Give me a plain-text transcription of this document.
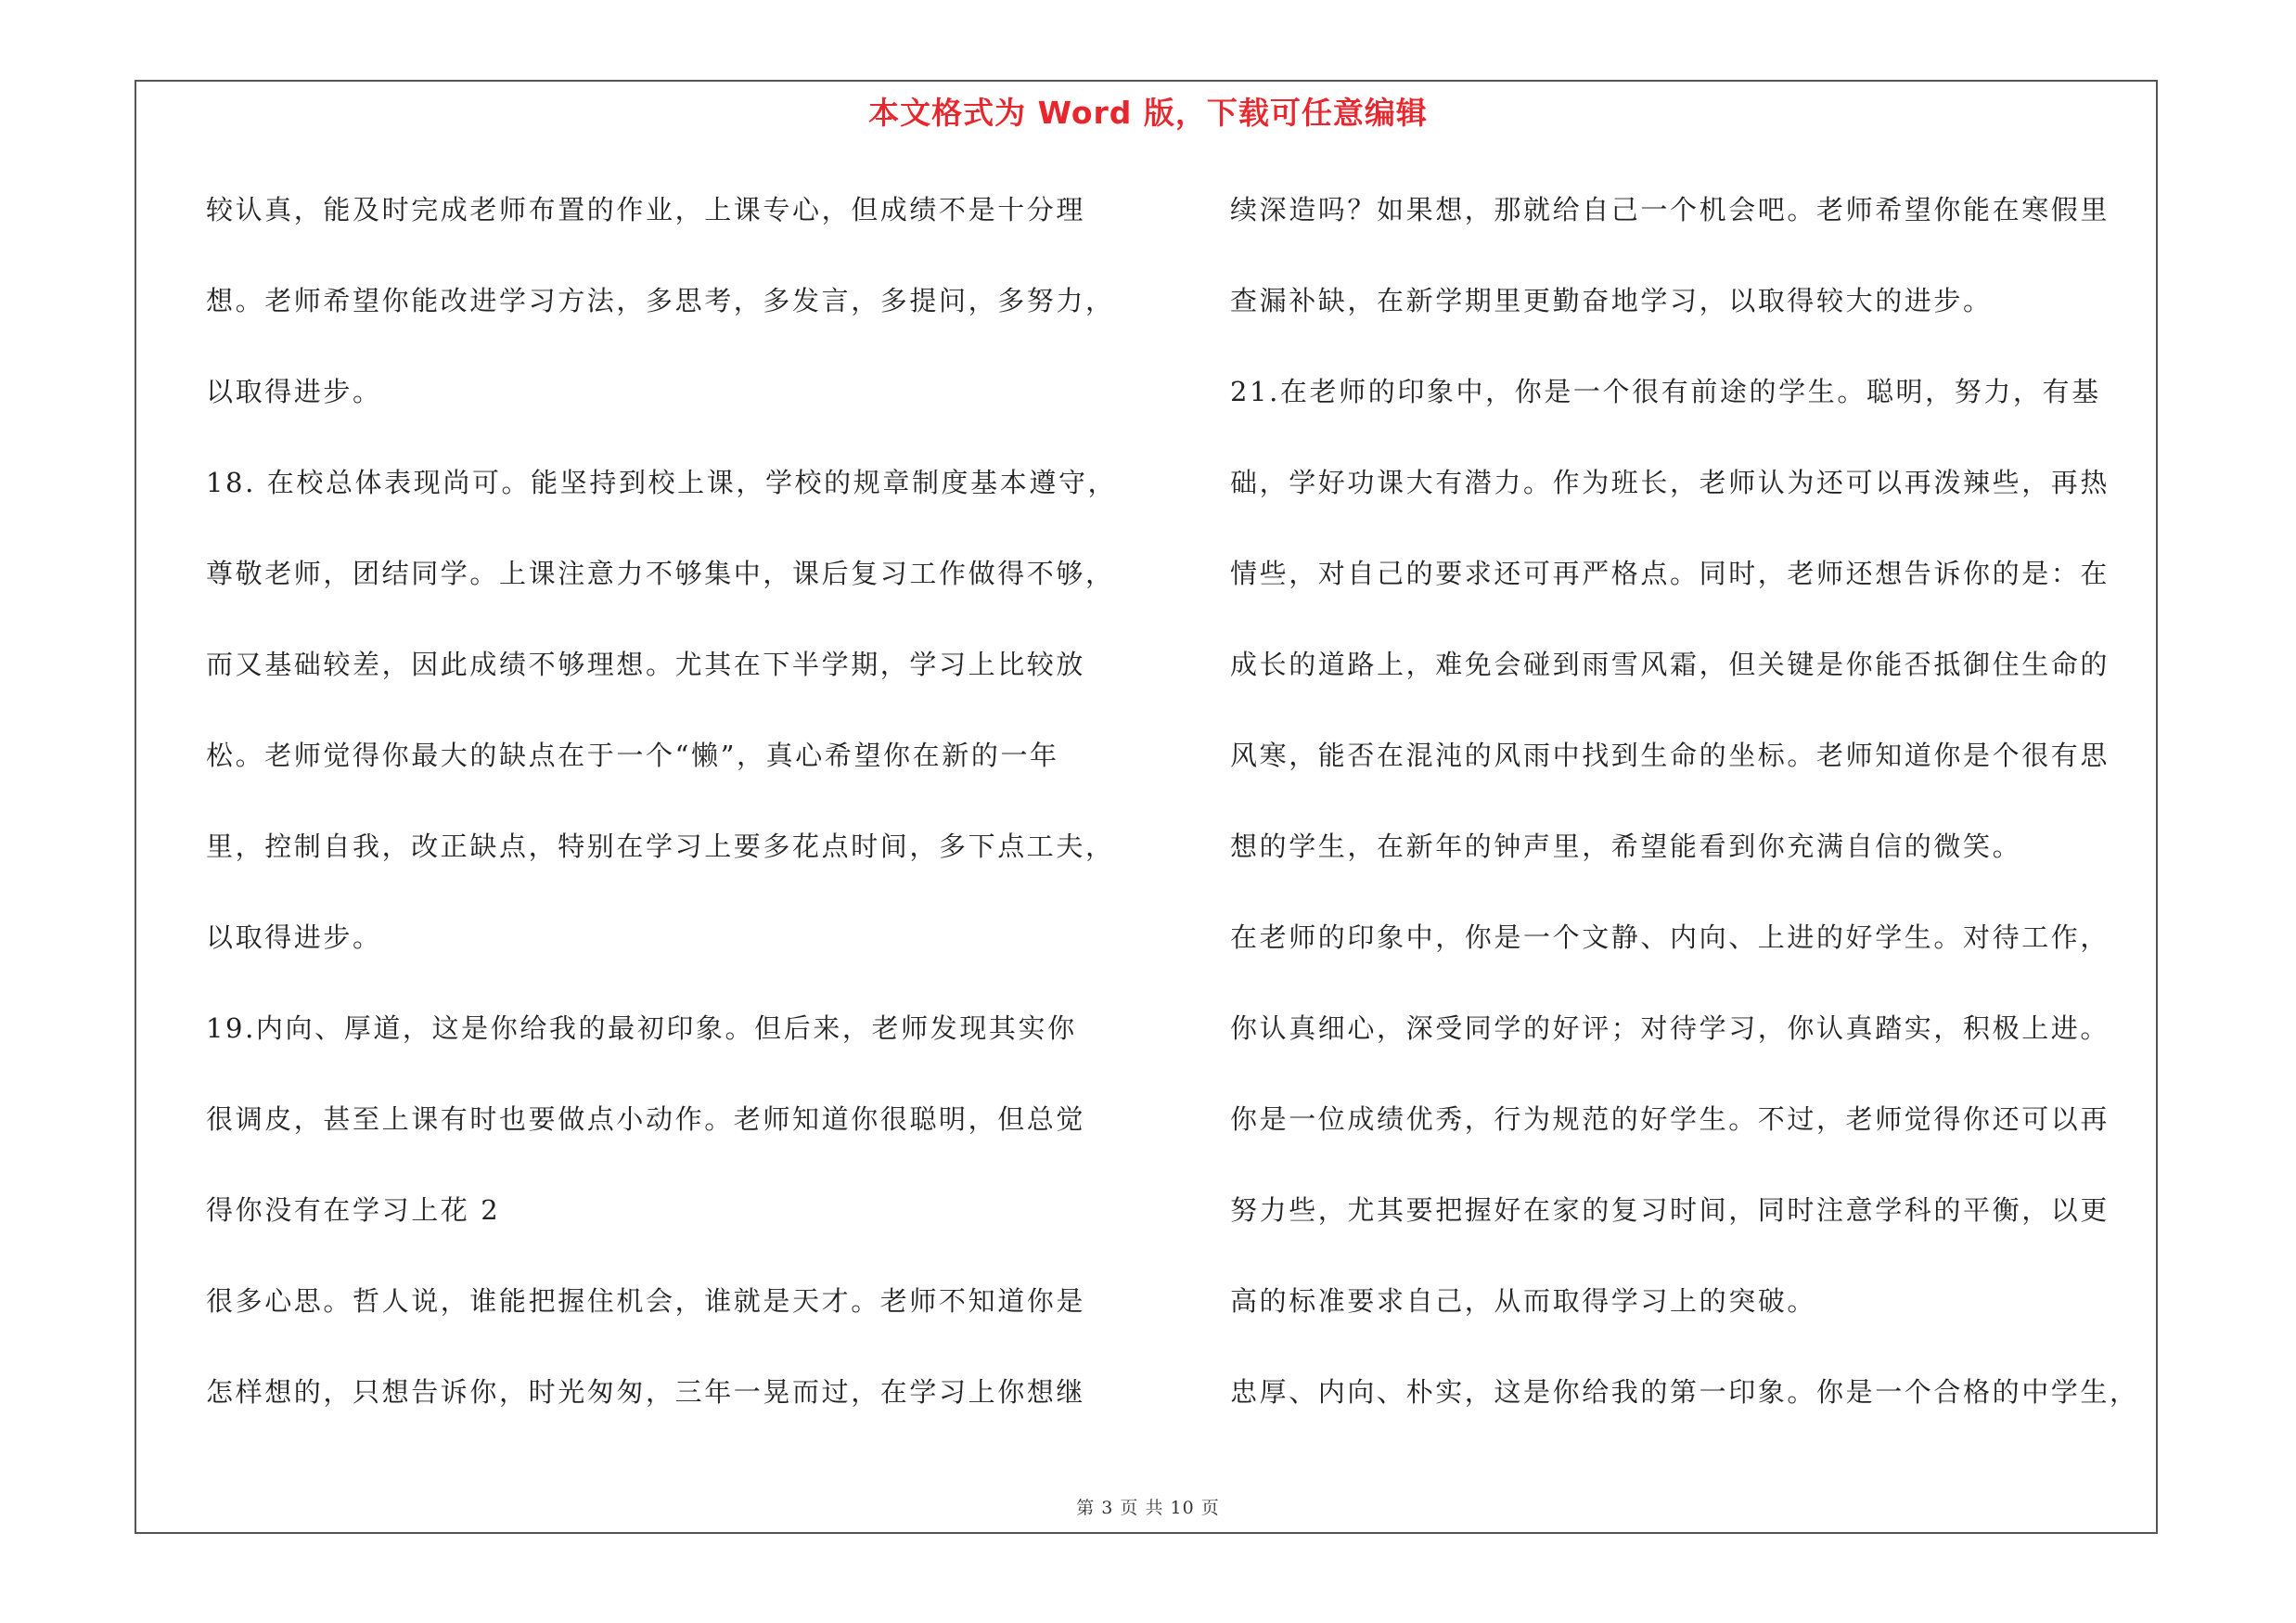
本文格式为 Word 版，下载可任意编辑
较认真，能及时完成老师布置的作业，上课专心，但成绩不是十分理
想。老师希望你能改进学习方法，多思考，多发言，多提问，多努力，
以取得进步。
18. 在校总体表现尚可。能坚持到校上课，学校的规章制度基本遵守，
尊敬老师，团结同学。上课注意力不够集中，课后复习工作做得不够，
而又基础较差，因此成绩不够理想。尤其在下半学期，学习上比较放
松。老师觉得你最大的缺点在于一个“懒”，真心希望你在新的一年
里，控制自我，改正缺点，特别在学习上要多花点时间，多下点工夫，
以取得进步。
19.内向、厚道，这是你给我的最初印象。但后来，老师发现其实你
很调皮，甚至上课有时也要做点小动作。老师知道你很聪明，但总觉
得你没有在学习上花 2
很多心思。哲人说，谁能把握住机会，谁就是天才。老师不知道你是
怎样想的，只想告诉你，时光匆匆，三年一晃而过，在学习上你想继
续深造吗？如果想，那就给自己一个机会吧。老师希望你能在寒假里
查漏补缺，在新学期里更勤奋地学习，以取得较大的进步。
21.在老师的印象中，你是一个很有前途的学生。聪明，努力，有基
础，学好功课大有潜力。作为班长，老师认为还可以再泼辣些，再热
情些，对自己的要求还可再严格点。同时，老师还想告诉你的是：在
成长的道路上，难免会碰到雨雪风霜，但关键是你能否抵御住生命的
风寒，能否在混沌的风雨中找到生命的坐标。老师知道你是个很有思
想的学生，在新年的钟声里，希望能看到你充满自信的微笑。
在老师的印象中，你是一个文静、内向、上进的好学生。对待工作，
你认真细心，深受同学的好评；对待学习，你认真踏实，积极上进。
你是一位成绩优秀，行为规范的好学生。不过，老师觉得你还可以再
努力些，尤其要把握好在家的复习时间，同时注意学科的平衡，以更
高的标准要求自己，从而取得学习上的突破。
忠厚、内向、朴实，这是你给我的第一印象。你是一个合格的中学生，
第 3 页 共 10 页
